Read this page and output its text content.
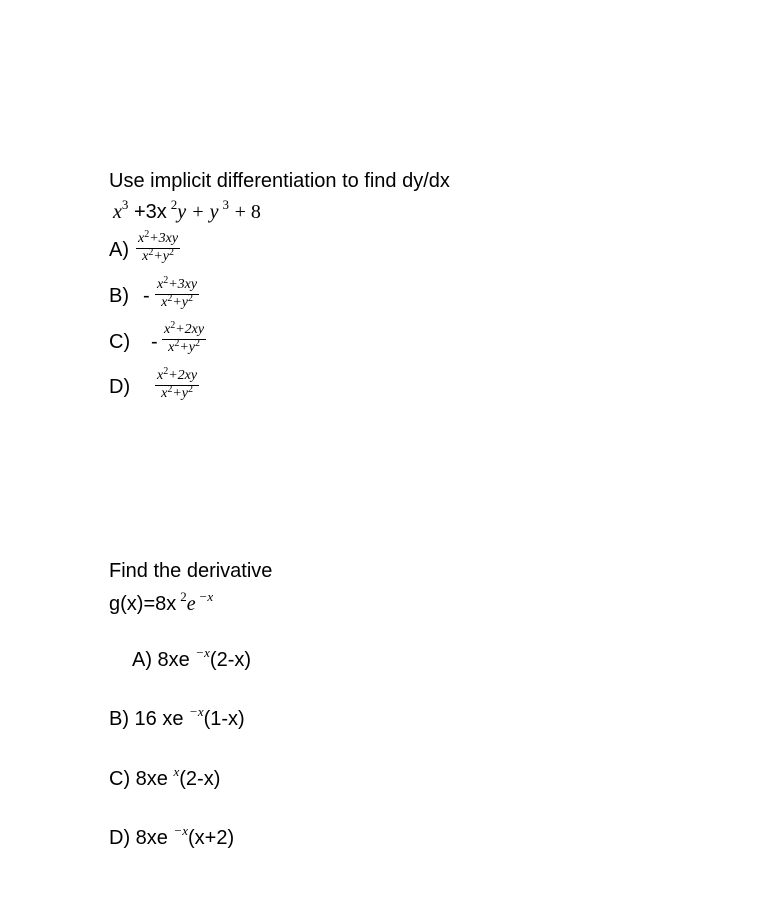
Use implicit differentiation to find dy/dx
$x^3 +3x$ $^2$y + y $^3$ + 8
$A) \frac{x^2+3xy}{x^2+y^2}$
$B) - \frac{x^2+3xy}{x^2+y^2}$
$C) - \frac{x^2+2xy}{x^2+y^2}$
$D) \frac{x^2+2xy}{x^2+y^2}$
Find the derivative
g(x)=8x $^2$e $^{-x}$
A) 8xe $^{-x}$(2-x)
B) 16 xe $^{-x}$(1-x)
C) 8xe $^x$(2-x)
D) 8xe $^{-x}$(x+2)
